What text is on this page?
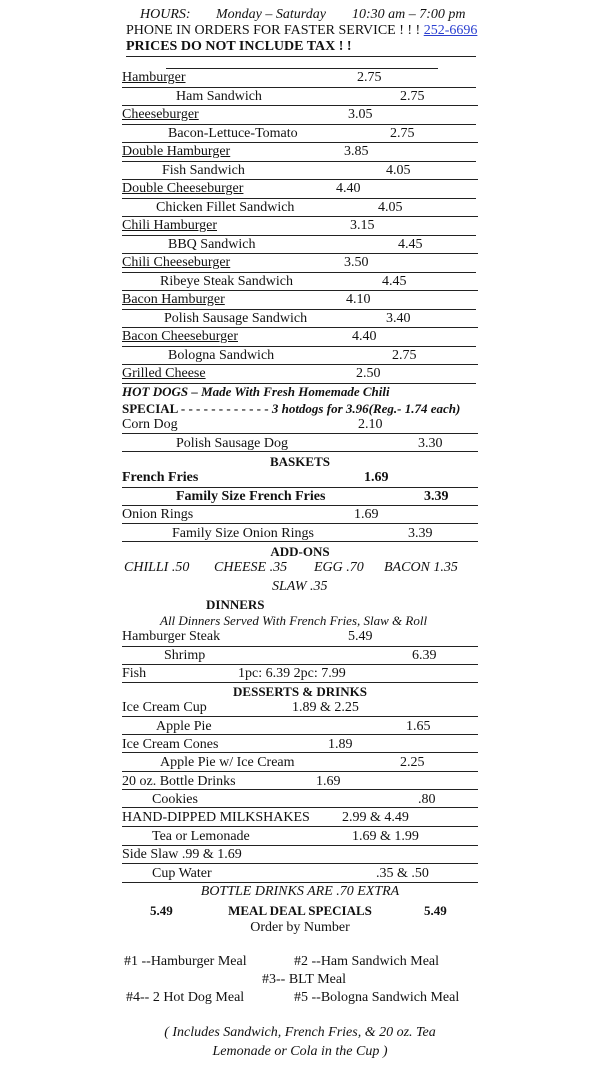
HOURS: Monday – Saturday 10:30 am – 7:00 pm
PHONE IN ORDERS FOR FASTER SERVICE ! ! ! 252-6696
PRICES DO NOT INCLUDE TAX ! !
Hamburger	2.75
Ham Sandwich	2.75
Cheeseburger	3.05
Bacon-Lettuce-Tomato	2.75
Double Hamburger	3.85
Fish Sandwich	4.05
Double Cheeseburger	4.40
Chicken Fillet Sandwich	4.05
Chili Hamburger	3.15
BBQ Sandwich	4.45
Chili Cheeseburger	3.50
Ribeye Steak Sandwich	4.45
Bacon Hamburger	4.10
Polish Sausage Sandwich	3.40
Bacon Cheeseburger	4.40
Bologna Sandwich	2.75
Grilled Cheese	2.50
HOT DOGS – Made With Fresh Homemade Chili
SPECIAL - - - - - - - - - - - - 3 hotdogs for 3.96(Reg.- 1.74 each)
Corn Dog	2.10
Polish Sausage Dog	3.30
BASKETS
French Fries	1.69
Family Size French Fries	3.39
Onion Rings	1.69
Family Size Onion Rings	3.39
ADD-ONS
CHILLI .50 CHEESE .35 EGG .70 BACON 1.35
SLAW .35
DINNERS
All Dinners Served With French Fries, Slaw & Roll
Hamburger Steak	5.49
Shrimp	6.39
Fish	1pc: 6.39 2pc: 7.99
DESSERTS & DRINKS
Ice Cream Cup	1.89 & 2.25
Apple Pie	1.65
Ice Cream Cones	1.89
Apple Pie w/ Ice Cream	2.25
20 oz. Bottle Drinks	1.69
Cookies	.80
HAND-DIPPED MILKSHAKES 2.99 & 4.49
Tea or Lemonade	1.69 & 1.99
Side Slaw .99 & 1.69
Cup Water	.35 & .50
BOTTLE DRINKS ARE .70 EXTRA
5.49	MEAL DEAL SPECIALS	5.49
Order by Number
#1 --Hamburger Meal	#2 --Ham Sandwich Meal
#3-- BLT Meal
#4-- 2 Hot Dog Meal	#5 --Bologna Sandwich Meal
( Includes Sandwich, French Fries, & 20 oz. Tea
Lemonade or Cola in the Cup )
